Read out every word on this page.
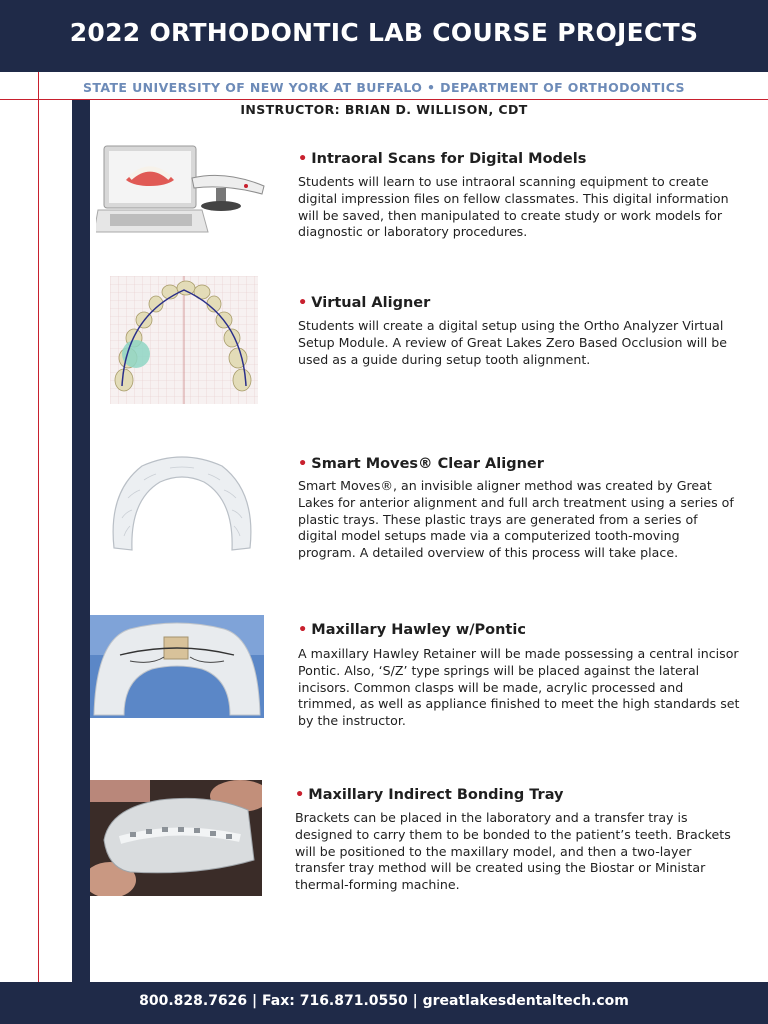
2022 ORTHODONTIC LAB COURSE PROJECTS
STATE UNIVERSITY OF NEW YORK AT BUFFALO • DEPARTMENT OF ORTHODONTICS
INSTRUCTOR: BRIAN D. WILLISON, CDT
• Intraoral Scans for Digital Models
Students will learn to use intraoral scanning equipment to create digital impression files on fellow classmates. This digital information will be saved, then manipulated to create study or work models for diagnostic or laboratory procedures.
• Virtual Aligner
Students will create a digital setup using the Ortho Analyzer Virtual Setup Module. A review of Great Lakes Zero Based Occlusion will be used as a guide during setup tooth alignment.
• Smart Moves® Clear Aligner
Smart Moves®, an invisible aligner method was created by Great Lakes for anterior alignment and full arch treatment using a series of plastic trays. These plastic trays are generated from a series of digital model setups made via a computerized tooth-moving program. A detailed overview of this process will take place.
• Maxillary Hawley w/Pontic
A maxillary Hawley Retainer will be made possessing a central incisor Pontic. Also, ‘S/Z’ type springs will be placed against the lateral incisors. Common clasps will be made, acrylic processed and trimmed, as well as appliance finished to meet the high standards set by the instructor.
• Maxillary Indirect Bonding Tray
Brackets can be placed in the laboratory and a transfer tray is designed to carry them to be bonded to the patient’s teeth. Brackets will be positioned to the maxillary model, and then a two-layer transfer tray method will be created using the Biostar or Ministar thermal-forming machine.
800.828.7626 | Fax: 716.871.0550 | greatlakesdentaltech.com
